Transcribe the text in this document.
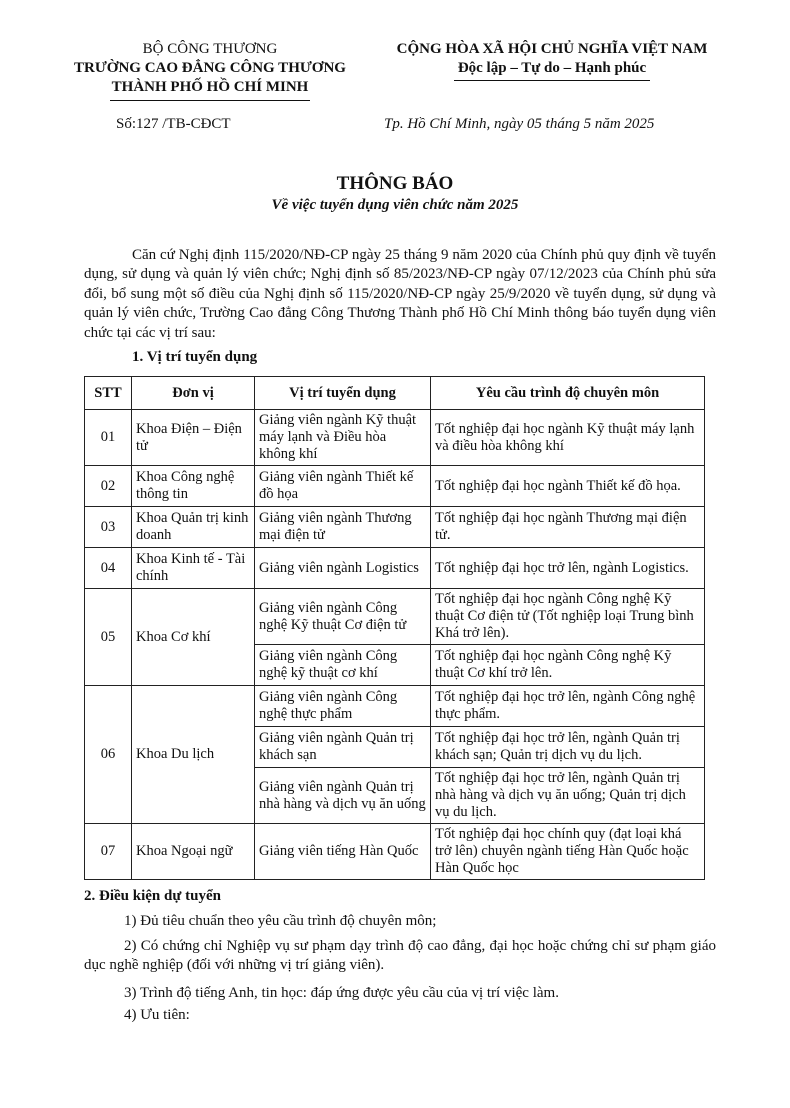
BỘ CÔNG THƯƠNG
TRƯỜNG CAO ĐẲNG CÔNG THƯƠNG
THÀNH PHỐ HỒ CHÍ MINH
CỘNG HÒA XÃ HỘI CHỦ NGHĨA VIỆT NAM
Độc lập – Tự do – Hạnh phúc
Số:127 /TB-CĐCT	Tp. Hồ Chí Minh, ngày 05 tháng 5 năm 2025
THÔNG BÁO
Về việc tuyển dụng viên chức năm 2025
Căn cứ Nghị định 115/2020/NĐ-CP ngày 25 tháng 9 năm 2020 của Chính phủ quy định về tuyển dụng, sử dụng và quản lý viên chức; Nghị định số 85/2023/NĐ-CP ngày 07/12/2023 của Chính phủ sửa đổi, bổ sung một số điều của Nghị định số 115/2020/NĐ-CP ngày 25/9/2020 về tuyển dụng, sử dụng và quản lý viên chức, Trường Cao đẳng Công Thương Thành phố Hồ Chí Minh thông báo tuyển dụng viên chức tại các vị trí sau:
1. Vị trí tuyển dụng
STT	Đơn vị	Vị trí tuyển dụng	Yêu cầu trình độ chuyên môn
01	Khoa Điện – Điện tử	Giảng viên ngành Kỹ thuật máy lạnh và Điều hòa không khí	Tốt nghiệp đại học ngành Kỹ thuật máy lạnh và điều hòa không khí
02	Khoa Công nghệ thông tin	Giảng viên ngành Thiết kế đồ họa	Tốt nghiệp đại học ngành Thiết kế đồ họa.
03	Khoa Quản trị kinh doanh	Giảng viên ngành Thương mại điện tử	Tốt nghiệp đại học ngành Thương mại điện tử.
04	Khoa Kinh tế - Tài chính	Giảng viên ngành Logistics	Tốt nghiệp đại học trở lên, ngành Logistics.
05	Khoa Cơ khí	Giảng viên ngành Công nghệ Kỹ thuật Cơ điện tử	Tốt nghiệp đại học ngành Công nghệ Kỹ thuật Cơ điện tử (Tốt nghiệp loại Trung bình Khá trở lên).
		Giảng viên ngành Công nghệ kỹ thuật cơ khí	Tốt nghiệp đại học ngành Công nghệ Kỹ thuật Cơ khí trở lên.
06	Khoa Du lịch	Giảng viên ngành Công nghệ thực phẩm	Tốt nghiệp đại học trở lên, ngành Công nghệ thực phẩm.
		Giảng viên ngành Quản trị khách sạn	Tốt nghiệp đại học trở lên, ngành Quản trị khách sạn; Quản trị dịch vụ du lịch.
		Giảng viên ngành Quản trị nhà hàng và dịch vụ ăn uống	Tốt nghiệp đại học trở lên, ngành Quản trị nhà hàng và dịch vụ ăn uống; Quản trị dịch vụ du lịch.
07	Khoa Ngoại ngữ	Giảng viên tiếng Hàn Quốc	Tốt nghiệp đại học chính quy (đạt loại khá trở lên) chuyên ngành tiếng Hàn Quốc hoặc Hàn Quốc học
2. Điều kiện dự tuyển
1) Đủ tiêu chuẩn theo yêu cầu trình độ chuyên môn;
2) Có chứng chỉ Nghiệp vụ sư phạm dạy trình độ cao đẳng, đại học hoặc chứng chỉ sư phạm giáo dục nghề nghiệp (đối với những vị trí giảng viên).
3) Trình độ tiếng Anh, tin học: đáp ứng được yêu cầu của vị trí việc làm.
4) Ưu tiên:
